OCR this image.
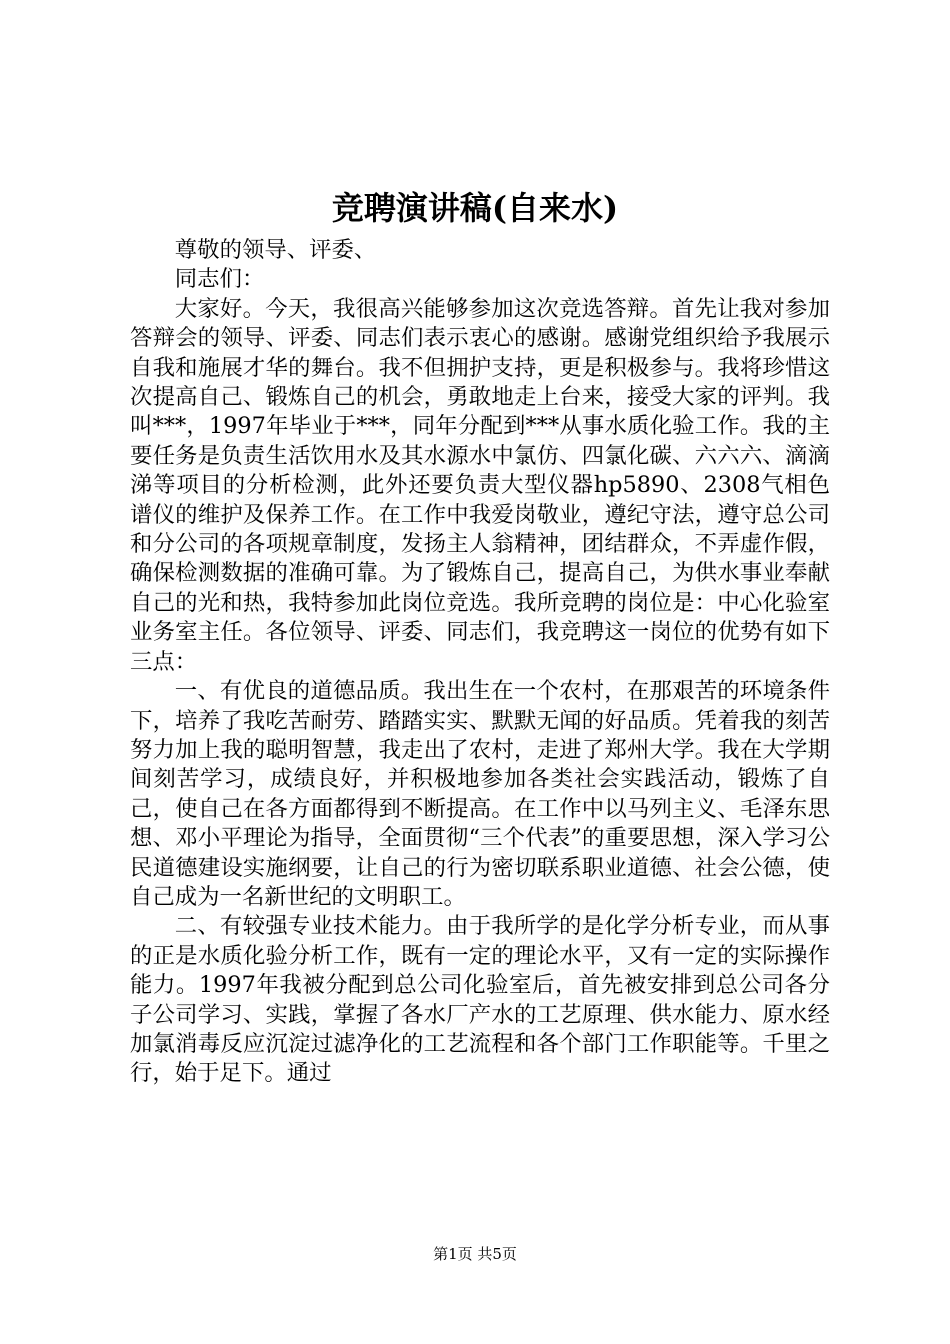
竞聘演讲稿(自来水)

尊敬的领导、评委、

同志们：

大家好。今天，我很高兴能够参加这次竞选答辩。首先让我对参加答辩会的领导、评委、同志们表示衷心的感谢。感谢党组织给予我展示自我和施展才华的舞台。我不但拥护支持，更是积极参与。我将珍惜这次提高自己、锻炼自己的机会，勇敢地走上台来，接受大家的评判。我叫***，1997年毕业于***，同年分配到***从事水质化验工作。我的主要任务是负责生活饮用水及其水源水中氯仿、四氯化碳、六六六、滴滴涕等项目的分析检测，此外还要负责大型仪器hp5890、2308气相色谱仪的维护及保养工作。在工作中我爱岗敬业，遵纪守法，遵守总公司和分公司的各项规章制度，发扬主人翁精神，团结群众，不弄虚作假，确保检测数据的准确可靠。为了锻炼自己，提高自己，为供水事业奉献自己的光和热，我特参加此岗位竞选。我所竞聘的岗位是：中心化验室业务室主任。各位领导、评委、同志们，我竞聘这一岗位的优势有如下三点：

一、有优良的道德品质。我出生在一个农村，在那艰苦的环境条件下，培养了我吃苦耐劳、踏踏实实、默默无闻的好品质。凭着我的刻苦努力加上我的聪明智慧，我走出了农村，走进了郑州大学。我在大学期间刻苦学习，成绩良好，并积极地参加各类社会实践活动，锻炼了自己，使自己在各方面都得到不断提高。在工作中以马列主义、毛泽东思想、邓小平理论为指导，全面贯彻“三个代表”的重要思想，深入学习公民道德建设实施纲要，让自己的行为密切联系职业道德、社会公德，使自己成为一名新世纪的文明职工。

二、有较强专业技术能力。由于我所学的是化学分析专业，而从事的正是水质化验分析工作，既有一定的理论水平，又有一定的实际操作能力。1997年我被分配到总公司化验室后，首先被安排到总公司各分子公司学习、实践，掌握了各水厂产水的工艺原理、供水能力、原水经加氯消毒反应沉淀过滤净化的工艺流程和各个部门工作职能等。千里之行，始于足下。通过

第1页 共5页
